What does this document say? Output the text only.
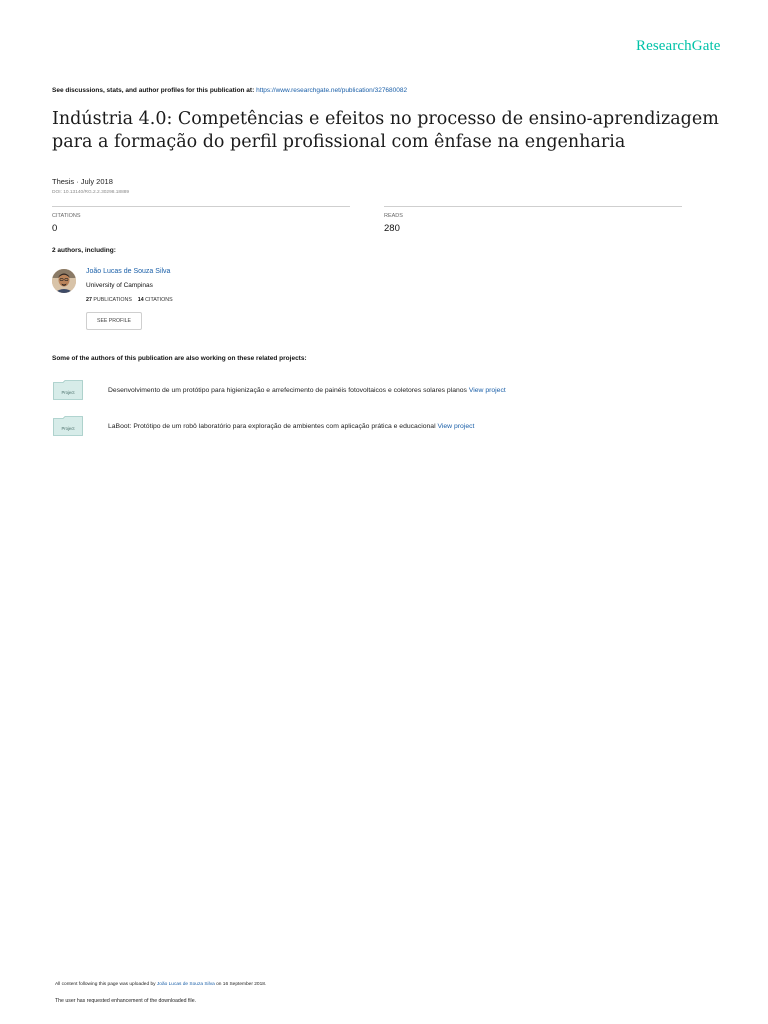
ResearchGate
See discussions, stats, and author profiles for this publication at: https://www.researchgate.net/publication/327680082
Indústria 4.0: Competências e efeitos no processo de ensino-aprendizagem para a formação do perfil profissional com ênfase na engenharia
Thesis · July 2018
DOI: 10.13140/RG.2.2.30298.18889
CITATIONS
0
READS
280
2 authors, including:
João Lucas de Souza Silva
University of Campinas
27 PUBLICATIONS 14 CITATIONS
SEE PROFILE
Some of the authors of this publication are also working on these related projects:
Project	Desenvolvimento de um protótipo para higienização e arrefecimento de painéis fotovoltaicos e coletores solares planos View project
Project	LaBoot: Protótipo de um robô laboratório para exploração de ambientes com aplicação prática e educacional View project
All content following this page was uploaded by João Lucas de Souza Silva on 16 September 2018.
The user has requested enhancement of the downloaded file.
